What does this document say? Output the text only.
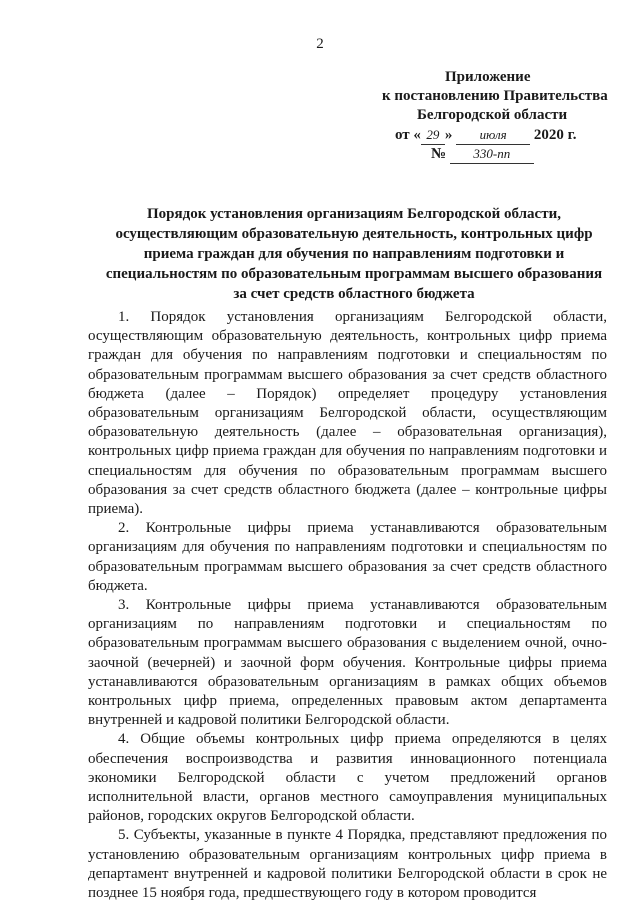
2
Приложение
к постановлению Правительства
Белгородской области
от « 29 » июля 2020 г.
№ 330-пп
Порядок установления организациям Белгородской области, осуществляющим образовательную деятельность, контрольных цифр приема граждан для обучения по направлениям подготовки и специальностям по образовательным программам высшего образования за счет средств областного бюджета

1. Порядок установления организациям Белгородской области, осуществляющим образовательную деятельность, контрольных цифр приема граждан для обучения по направлениям подготовки и специальностям по образовательным программам высшего образования за счет средств областного бюджета (далее – Порядок) определяет процедуру установления образовательным организациям Белгородской области, осуществляющим образовательную деятельность (далее – образовательная организация), контрольных цифр приема граждан для обучения по направлениям подготовки и специальностям для обучения по образовательным программам высшего образования за счет средств областного бюджета (далее – контрольные цифры приема).

2. Контрольные цифры приема устанавливаются образовательным организациям для обучения по направлениям подготовки и специальностям по образовательным программам высшего образования за счет средств областного бюджета.

3. Контрольные цифры приема устанавливаются образовательным организациям по направлениям подготовки и специальностям по образовательным программам высшего образования с выделением очной, очно-заочной (вечерней) и заочной форм обучения. Контрольные цифры приема устанавливаются образовательным организациям в рамках общих объемов контрольных цифр приема, определенных правовым актом департамента внутренней и кадровой политики Белгородской области.

4. Общие объемы контрольных цифр приема определяются в целях обеспечения воспроизводства и развития инновационного потенциала экономики Белгородской области с учетом предложений органов исполнительной власти, органов местного самоуправления муниципальных районов, городских округов Белгородской области.

5. Субъекты, указанные в пункте 4 Порядка, представляют предложения по установлению образовательным организациям контрольных цифр приема в департамент внутренней и кадровой политики Белгородской области в срок не позднее 15 ноября года, предшествующего году в котором проводится
